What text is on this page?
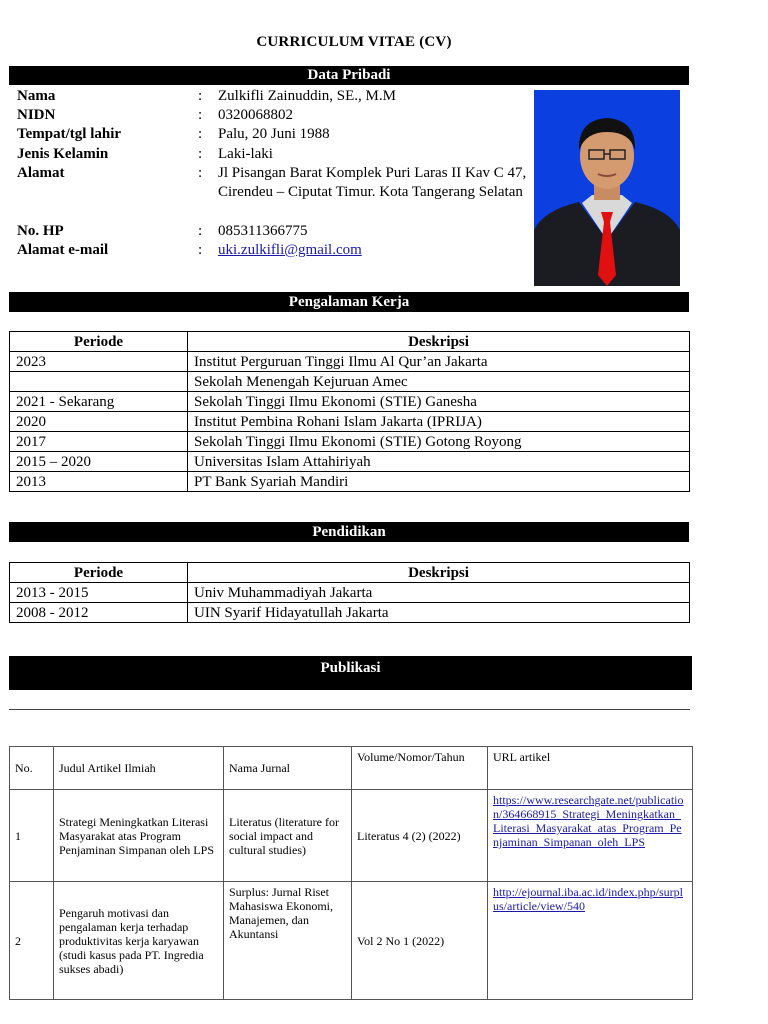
CURRICULUM VITAE (CV)
Data Pribadi
Nama	: Zulkifli Zainuddin, SE., M.M
NIDN	: 0320068802
Tempat/tgl lahir	: Palu, 20 Juni 1988
Jenis Kelamin	: Laki-laki
Alamat	: Jl Pisangan Barat Komplek Puri Laras II Kav C 47, Cirendeu – Ciputat Timur. Kota Tangerang Selatan
No. HP	: 085311366775
Alamat e-mail	: uki.zulkifli@gmail.com
Pengalaman Kerja
Periode	Deskripsi
2023	Institut Perguruan Tinggi Ilmu Al Qur’an Jakarta
	Sekolah Menengah Kejuruan Amec
2021 - Sekarang	Sekolah Tinggi Ilmu Ekonomi (STIE) Ganesha
2020	Institut Pembina Rohani Islam Jakarta (IPRIJA)
2017	Sekolah Tinggi Ilmu Ekonomi (STIE) Gotong Royong
2015 – 2020	Universitas Islam Attahiriyah
2013	PT Bank Syariah Mandiri
Pendidikan
Periode	Deskripsi
2013 - 2015	Univ Muhammadiyah Jakarta
2008 - 2012	UIN Syarif Hidayatullah Jakarta
Publikasi
No.	Judul Artikel Ilmiah	Nama Jurnal	Volume/Nomor/Tahun	URL artikel
1	Strategi Meningkatkan Literasi Masyarakat atas Program Penjaminan Simpanan oleh LPS	Literatus (literature for social impact and cultural studies)	Literatus 4 (2) (2022)	https://www.researchgate.net/publication/364668915_Strategi_Meningkatkan_Literasi_Masyarakat_atas_Program_Penjaminan_Simpanan_oleh_LPS
2	Pengaruh motivasi dan pengalaman kerja terhadap produktivitas kerja karyawan (studi kasus pada PT. Ingredia sukses abadi)	Surplus: Jurnal Riset Mahasiswa Ekonomi, Manajemen, dan Akuntansi	Vol 2 No 1 (2022)	http://ejournal.iba.ac.id/index.php/surplus/article/view/540
